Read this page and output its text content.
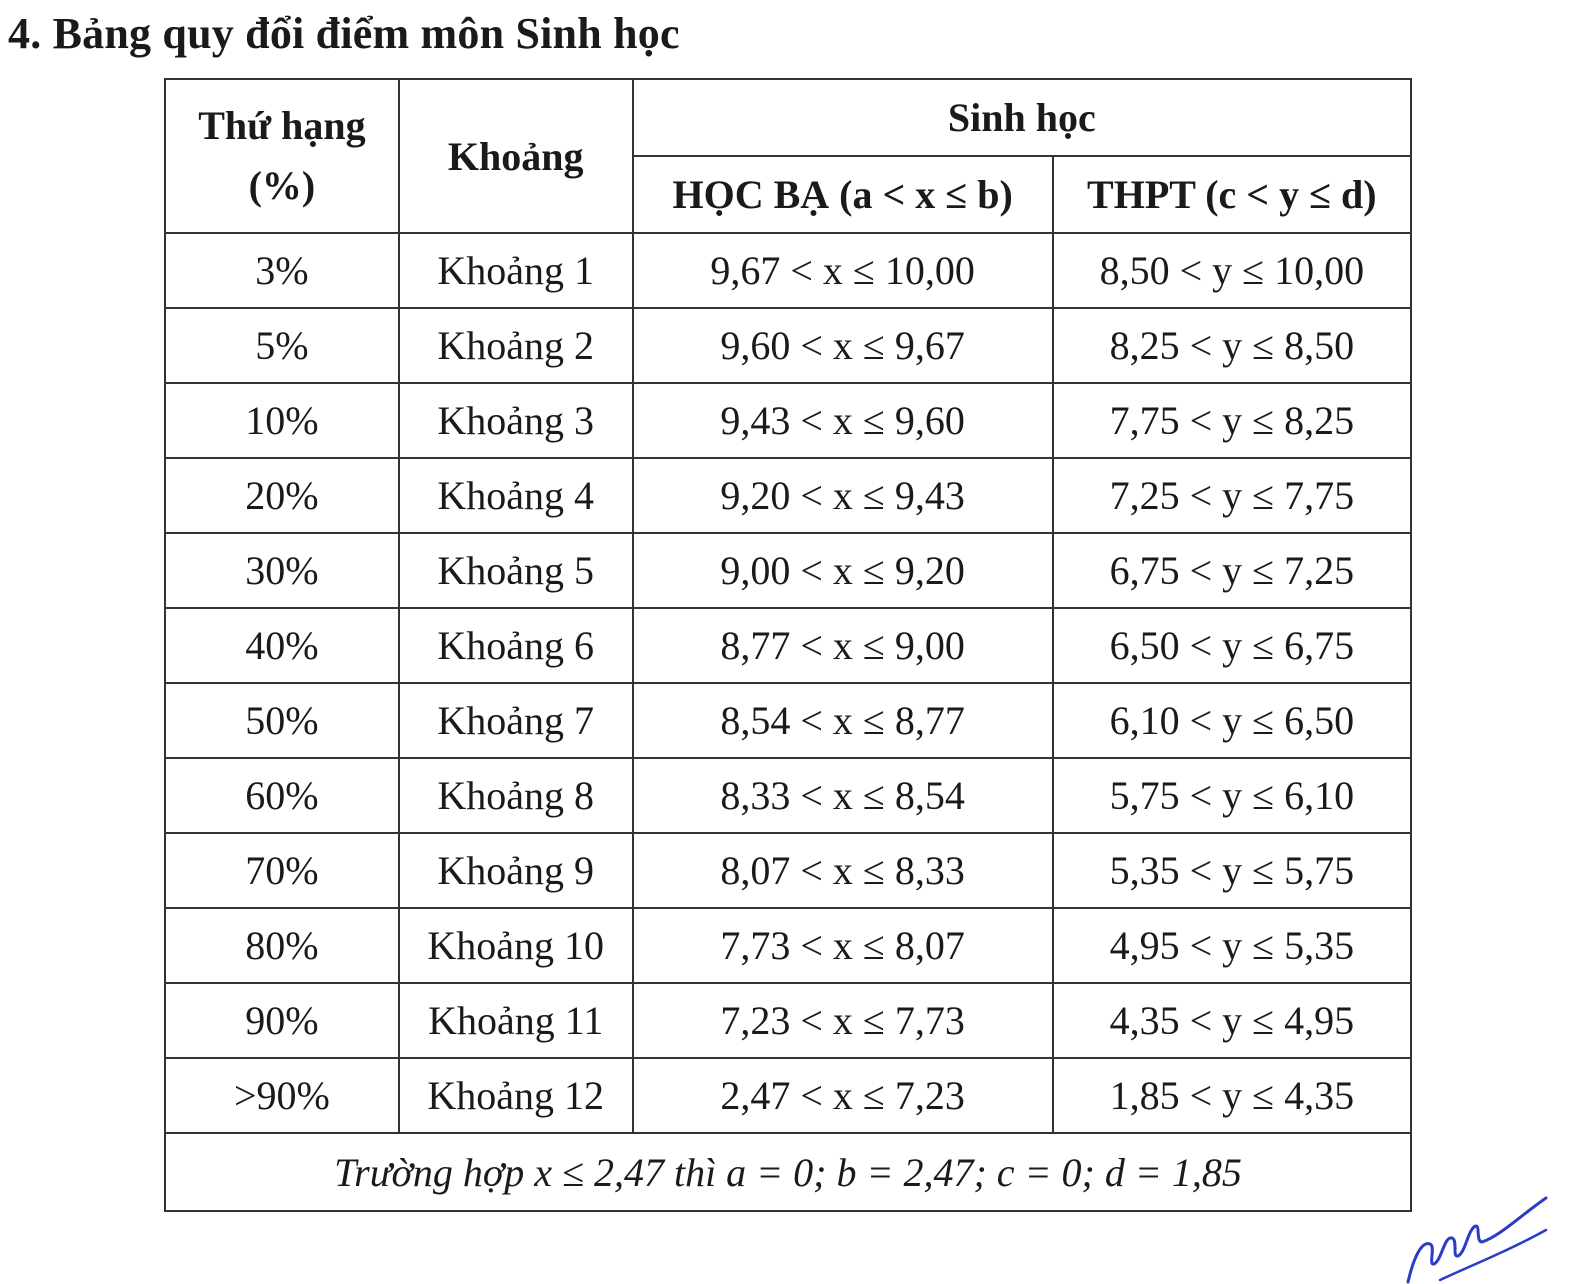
4. Bảng quy đổi điểm môn Sinh học
Thứ hạng (%)	Khoảng	Sinh học	
		HỌC BẠ (a < x ≤ b)	THPT (c < y ≤ d)
3%	Khoảng 1	9,67 < x ≤ 10,00	8,50 < y ≤ 10,00
5%	Khoảng 2	9,60 < x ≤ 9,67	8,25 < y ≤ 8,50
10%	Khoảng 3	9,43 < x ≤ 9,60	7,75 < y ≤ 8,25
20%	Khoảng 4	9,20 < x ≤ 9,43	7,25 < y ≤ 7,75
30%	Khoảng 5	9,00 < x ≤ 9,20	6,75 < y ≤ 7,25
40%	Khoảng 6	8,77 < x ≤ 9,00	6,50 < y ≤ 6,75
50%	Khoảng 7	8,54 < x ≤ 8,77	6,10 < y ≤ 6,50
60%	Khoảng 8	8,33 < x ≤ 8,54	5,75 < y ≤ 6,10
70%	Khoảng 9	8,07 < x ≤ 8,33	5,35 < y ≤ 5,75
80%	Khoảng 10	7,73 < x ≤ 8,07	4,95 < y ≤ 5,35
90%	Khoảng 11	7,23 < x ≤ 7,73	4,35 < y ≤ 4,95
>90%	Khoảng 12	2,47 < x ≤ 7,23	1,85 < y ≤ 4,35
Trường hợp x ≤ 2,47 thì a = 0; b = 2,47; c = 0; d = 1,85			
